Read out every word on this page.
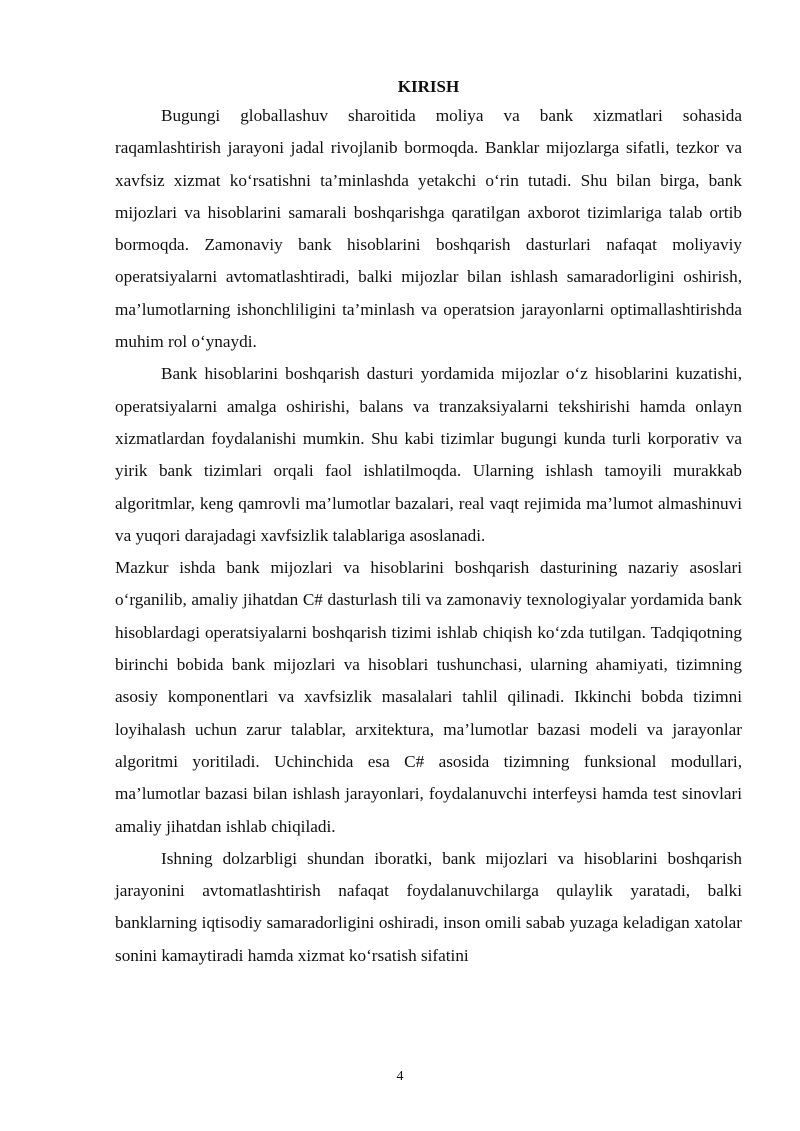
KIRISH

Bugungi globallashuv sharoitida moliya va bank xizmatlari sohasida raqamlashtirish jarayoni jadal rivojlanib bormoqda. Banklar mijozlarga sifatli, tezkor va xavfsiz xizmat ko‘rsatishni ta’minlashda yetakchi o‘rin tutadi. Shu bilan birga, bank mijozlari va hisoblarini samarali boshqarishga qaratilgan axborot tizimlariga talab ortib bormoqda. Zamonaviy bank hisoblarini boshqarish dasturlari nafaqat moliyaviy operatsiyalarni avtomatlashtiradi, balki mijozlar bilan ishlash samaradorligini oshirish, ma’lumotlarning ishonchliligini ta’minlash va operatsion jarayonlarni optimallashtirishda muhim rol o‘ynaydi.

Bank hisoblarini boshqarish dasturi yordamida mijozlar o‘z hisoblarini kuzatishi, operatsiyalarni amalga oshirishi, balans va tranzaksiyalarni tekshirishi hamda onlayn xizmatlardan foydalanishi mumkin. Shu kabi tizimlar bugungi kunda turli korporativ va yirik bank tizimlari orqali faol ishlatilmoqda. Ularning ishlash tamoyili murakkab algoritmlar, keng qamrovli ma’lumotlar bazalari, real vaqt rejimida ma’lumot almashinuvi va yuqori darajadagi xavfsizlik talablariga asoslanadi.

Mazkur ishda bank mijozlari va hisoblarini boshqarish dasturining nazariy asoslari o‘rganilib, amaliy jihatdan C# dasturlash tili va zamonaviy texnologiyalar yordamida bank hisoblardagi operatsiyalarni boshqarish tizimi ishlab chiqish ko‘zda tutilgan. Tadqiqotning birinchi bobida bank mijozlari va hisoblari tushunchasi, ularning ahamiyati, tizimning asosiy komponentlari va xavfsizlik masalalari tahlil qilinadi. Ikkinchi bobda tizimni loyihalash uchun zarur talablar, arxitektura, ma’lumotlar bazasi modeli va jarayonlar algoritmi yoritiladi. Uchinchida esa C# asosida tizimning funksional modullari, ma’lumotlar bazasi bilan ishlash jarayonlari, foydalanuvchi interfeysi hamda test sinovlari amaliy jihatdan ishlab chiqiladi.

Ishning dolzarbligi shundan iboratki, bank mijozlari va hisoblarini boshqarish jarayonini avtomatlashtirish nafaqat foydalanuvchilarga qulaylik yaratadi, balki banklarning iqtisodiy samaradorligini oshiradi, inson omili sabab yuzaga keladigan xatolar sonini kamaytiradi hamda xizmat ko‘rsatish sifatini

4
